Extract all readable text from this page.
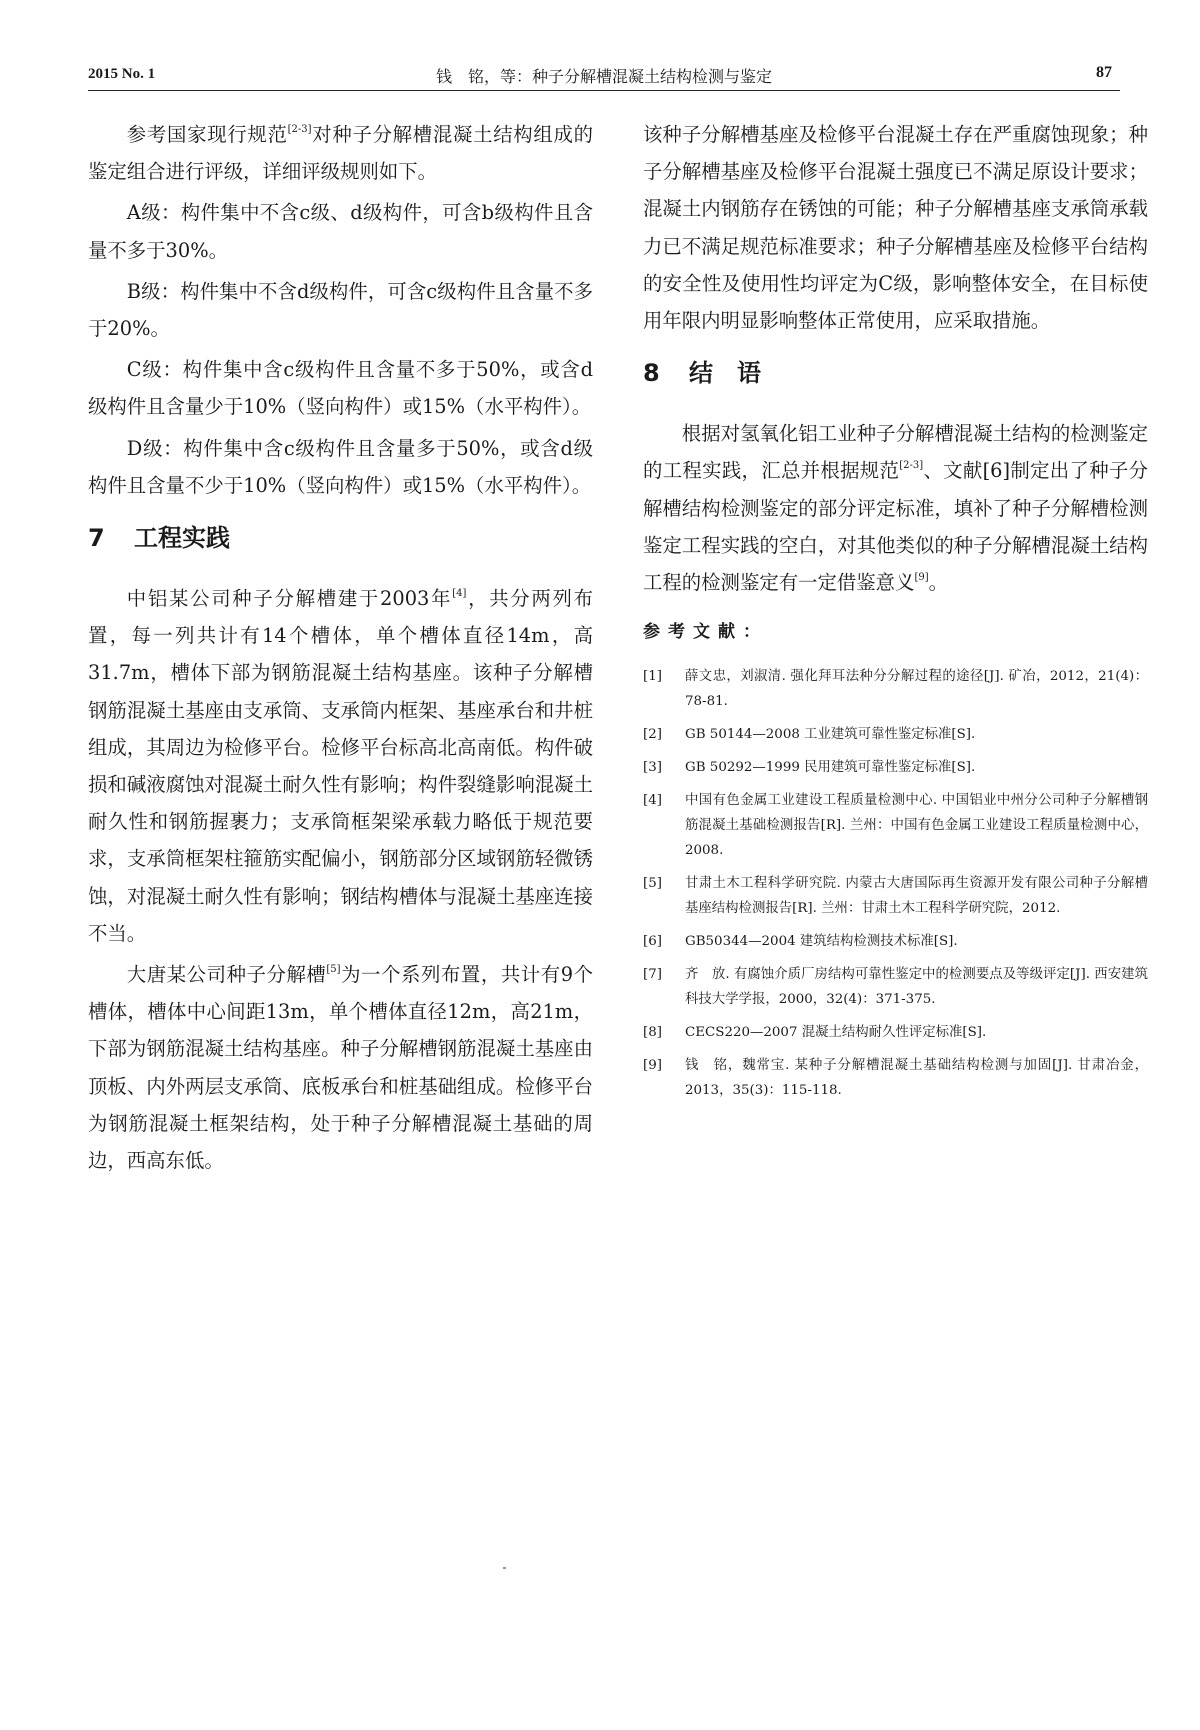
2015 No. 1	钱　铭，等：种子分解槽混凝土结构检测与鉴定	87

参考国家现行规范[2-3]对种子分解槽混凝土结构组成的鉴定组合进行评级，详细评级规则如下。

A级：构件集中不含c级、d级构件，可含b级构件且含量不多于30%。

B级：构件集中不含d级构件，可含c级构件且含量不多于20%。

C级：构件集中含c级构件且含量不多于50%，或含d级构件且含量少于10%（竖向构件）或15%（水平构件）。

D级：构件集中含c级构件且含量多于50%，或含d级构件且含量不少于10%（竖向构件）或15%（水平构件）。

7 工程实践

中铝某公司种子分解槽建于2003年[4]，共分两列布置，每一列共计有14个槽体，单个槽体直径14m，高31.7m，槽体下部为钢筋混凝土结构基座。该种子分解槽钢筋混凝土基座由支承筒、支承筒内框架、基座承台和井桩组成，其周边为检修平台。检修平台标高北高南低。构件破损和碱液腐蚀对混凝土耐久性有影响；构件裂缝影响混凝土耐久性和钢筋握裹力；支承筒框架梁承载力略低于规范要求，支承筒框架柱箍筋实配偏小，钢筋部分区域钢筋轻微锈蚀，对混凝土耐久性有影响；钢结构槽体与混凝土基座连接不当。

大唐某公司种子分解槽[5]为一个系列布置，共计有9个槽体，槽体中心间距13m，单个槽体直径12m，高21m，下部为钢筋混凝土结构基座。种子分解槽钢筋混凝土基座由顶板、内外两层支承筒、底板承台和桩基础组成。检修平台为钢筋混凝土框架结构，处于种子分解槽混凝土基础的周边，西高东低。

该种子分解槽基座及检修平台混凝土存在严重腐蚀现象；种子分解槽基座及检修平台混凝土强度已不满足原设计要求；混凝土内钢筋存在锈蚀的可能；种子分解槽基座支承筒承载力已不满足规范标准要求；种子分解槽基座及检修平台结构的安全性及使用性均评定为C级，影响整体安全，在目标使用年限内明显影响整体正常使用，应采取措施。

8 结　语

根据对氢氧化铝工业种子分解槽混凝土结构的检测鉴定的工程实践，汇总并根据规范[2-3]、文献[6]制定出了种子分解槽结构检测鉴定的部分评定标准，填补了种子分解槽检测鉴定工程实践的空白，对其他类似的种子分解槽混凝土结构工程的检测鉴定有一定借鉴意义[9]。

参考文献：
[1] 薛文忠，刘淑清. 强化拜耳法种分分解过程的途径[J]. 矿冶，2012，21(4)：78-81.
[2] GB 50144—2008 工业建筑可靠性鉴定标准[S].
[3] GB 50292—1999 民用建筑可靠性鉴定标准[S].
[4] 中国有色金属工业建设工程质量检测中心. 中国铝业中州分公司种子分解槽钢筋混凝土基础检测报告[R]. 兰州：中国有色金属工业建设工程质量检测中心，2008.
[5] 甘肃土木工程科学研究院. 内蒙古大唐国际再生资源开发有限公司种子分解槽基座结构检测报告[R]. 兰州：甘肃土木工程科学研究院，2012.
[6] GB50344—2004 建筑结构检测技术标准[S].
[7] 齐　放. 有腐蚀介质厂房结构可靠性鉴定中的检测要点及等级评定[J]. 西安建筑科技大学学报，2000，32(4)：371-375.
[8] CECS220—2007 混凝土结构耐久性评定标准[S].
[9] 钱　铭，魏常宝. 某种子分解槽混凝土基础结构检测与加固[J]. 甘肃冶金，2013，35(3)：115-118.
